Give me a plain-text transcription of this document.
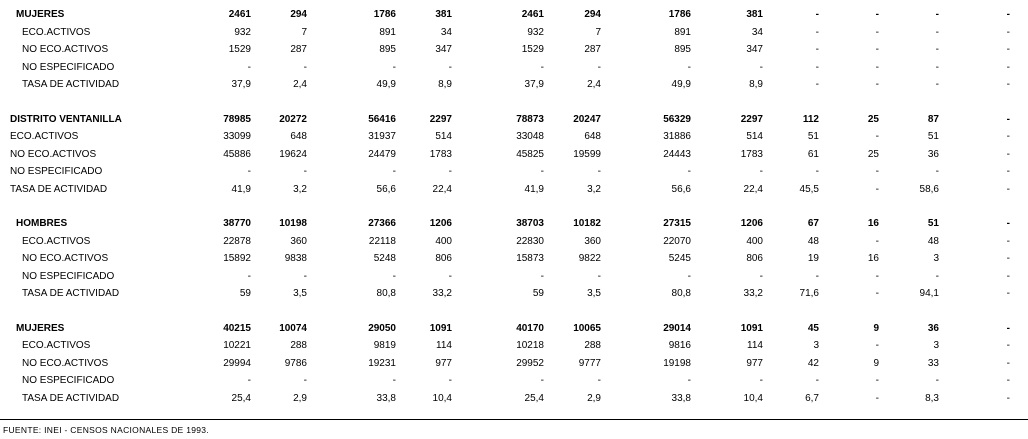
MUJERES	2461	294	1786	381	2461	294	1786	381	-	-	-	-	
ECO.ACTIVOS	932	7	891	34	932	7	891	34	-	-	-	-	
NO ECO.ACTIVOS	1529	287	895	347	1529	287	895	347	-	-	-	-	
NO ESPECIFICADO	-	-	-	-	-	-	-	-	-	-	-	-	
TASA DE ACTIVIDAD	37,9	2,4	49,9	8,9	37,9	2,4	49,9	8,9	-	-	-	-	

DISTRITO VENTANILLA	78985	20272	56416	2297	78873	20247	56329	2297	112	25	87	-	
ECO.ACTIVOS	33099	648	31937	514	33048	648	31886	514	51	-	51	-	
NO ECO.ACTIVOS	45886	19624	24479	1783	45825	19599	24443	1783	61	25	36	-	
NO ESPECIFICADO	-	-	-	-	-	-	-	-	-	-	-	-	
TASA DE ACTIVIDAD	41,9	3,2	56,6	22,4	41,9	3,2	56,6	22,4	45,5	-	58,6	-	

HOMBRES	38770	10198	27366	1206	38703	10182	27315	1206	67	16	51	-	
ECO.ACTIVOS	22878	360	22118	400	22830	360	22070	400	48	-	48	-	
NO ECO.ACTIVOS	15892	9838	5248	806	15873	9822	5245	806	19	16	3	-	
NO ESPECIFICADO	-	-	-	-	-	-	-	-	-	-	-	-	
TASA DE ACTIVIDAD	59	3,5	80,8	33,2	59	3,5	80,8	33,2	71,6	-	94,1	-	

MUJERES	40215	10074	29050	1091	40170	10065	29014	1091	45	9	36	-	
ECO.ACTIVOS	10221	288	9819	114	10218	288	9816	114	3	-	3	-	
NO ECO.ACTIVOS	29994	9786	19231	977	29952	9777	19198	977	42	9	33	-	
NO ESPECIFICADO	-	-	-	-	-	-	-	-	-	-	-	-	
TASA DE ACTIVIDAD	25,4	2,9	33,8	10,4	25,4	2,9	33,8	10,4	6,7	-	8,3	-	
FUENTE: INEI - CENSOS NACIONALES DE 1993.
